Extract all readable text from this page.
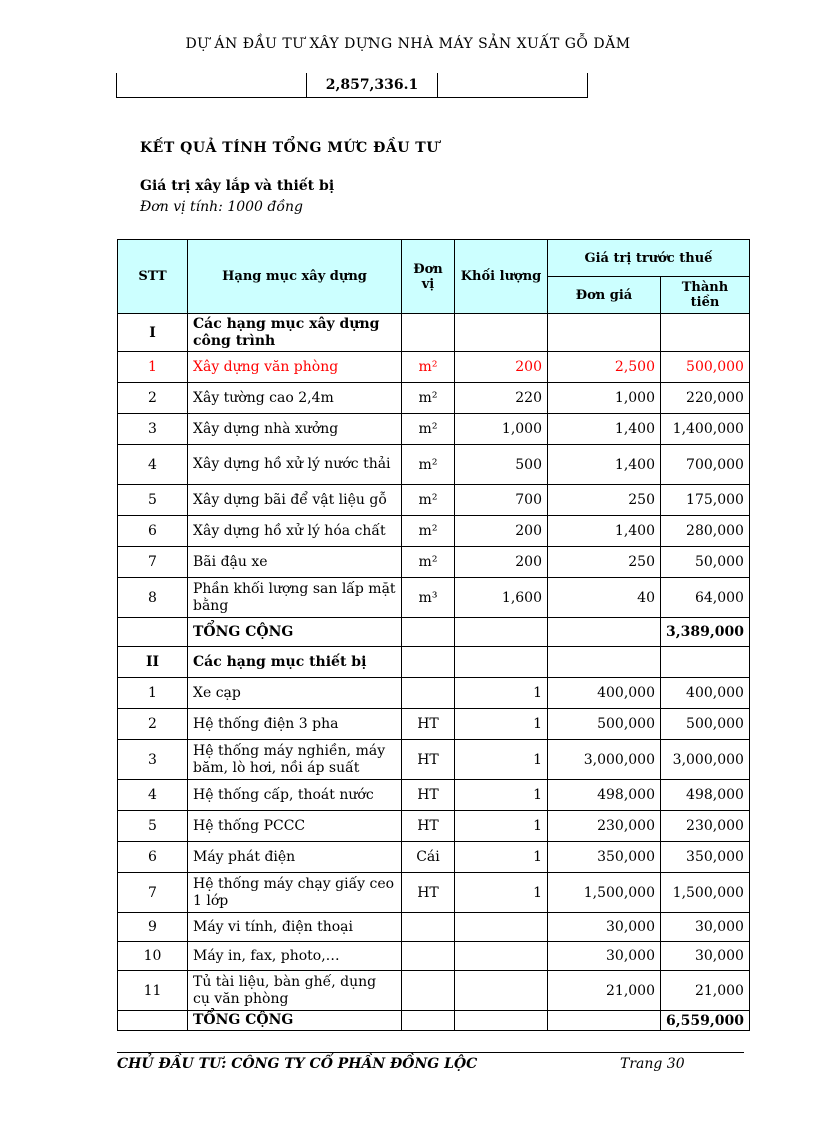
DỰ ÁN ĐẦU TƯ XÂY DỰNG NHÀ MÁY SẢN XUẤT GỖ DĂM
2,857,336.1
KẾT QUẢ TÍNH TỔNG MỨC ĐẦU TƯ
Giá trị xây lắp và thiết bị
Đơn vị tính: 1000 đồng
STT	Hạng mục xây dựng	Đơn vị	Khối lượng	Giá trị trước thuế	
				Đơn giá	Thành tiền
I	Các hạng mục xây dựng công trình				
1	Xây dựng văn phòng	m²	200	2,500	500,000
2	Xây tường cao 2,4m	m²	220	1,000	220,000
3	Xây dựng nhà xưởng	m²	1,000	1,400	1,400,000
4	Xây dựng hồ xử lý nước thải	m²	500	1,400	700,000
5	Xây dựng bãi để vật liệu gỗ	m²	700	250	175,000
6	Xây dựng hồ xử lý hóa chất	m²	200	1,400	280,000
7	Bãi đậu xe	m²	200	250	50,000
8	Phần khối lượng san lấp mặt bằng	m³	1,600	40	64,000
	TỔNG CỘNG				3,389,000
II	Các hạng mục thiết bị				
1	Xe cạp		1	400,000	400,000
2	Hệ thống điện 3 pha	HT	1	500,000	500,000
3	Hệ thống máy nghiền, máy băm, lò hơi, nồi áp suất	HT	1	3,000,000	3,000,000
4	Hệ thống cấp, thoát nước	HT	1	498,000	498,000
5	Hệ thống PCCC	HT	1	230,000	230,000
6	Máy phát điện	Cái	1	350,000	350,000
7	Hệ thống máy chạy giấy ceo 1 lớp	HT	1	1,500,000	1,500,000
9	Máy vi tính, điện thoại			30,000	30,000
10	Máy in, fax, photo,…			30,000	30,000
11	Tủ tài liệu, bàn ghế, dụng cụ văn phòng			21,000	21,000
	TỔNG CỘNG				6,559,000
CHỦ ĐẦU TƯ: CÔNG TY CỔ PHẦN ĐỒNG LỘC	Trang 30
